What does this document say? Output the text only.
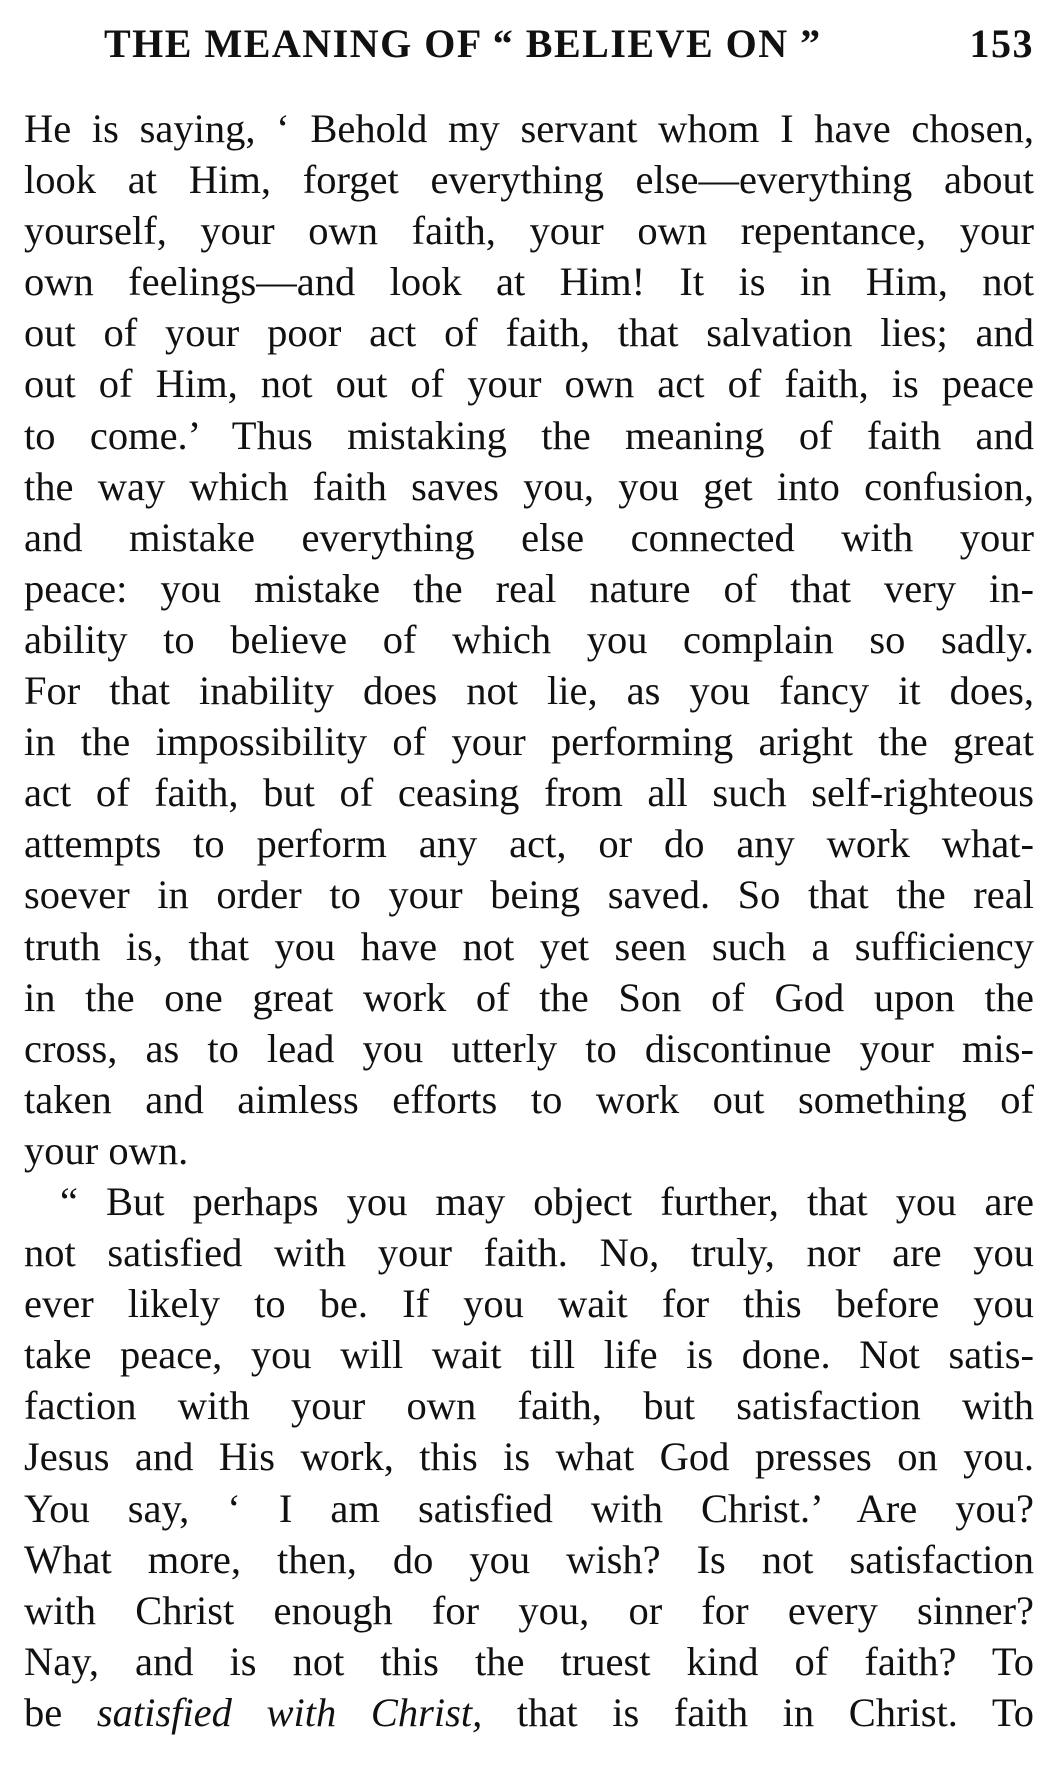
THE MEANING OF “ BELIEVE ON ”	153
He is saying, ‘ Behold my servant whom I have chosen,
look at Him, forget everything else—everything about
yourself, your own faith, your own repentance, your
own feelings—and look at Him! It is in Him, not
out of your poor act of faith, that salvation lies; and
out of Him, not out of your own act of faith, is peace
to come.’ Thus mistaking the meaning of faith and
the way which faith saves you, you get into confusion,
and mistake everything else connected with your
peace: you mistake the real nature of that very in-
ability to believe of which you complain so sadly.
For that inability does not lie, as you fancy it does,
in the impossibility of your performing aright the great
act of faith, but of ceasing from all such self-righteous
attempts to perform any act, or do any work what-
soever in order to your being saved. So that the real
truth is, that you have not yet seen such a sufficiency
in the one great work of the Son of God upon the
cross, as to lead you utterly to discontinue your mis-
taken and aimless efforts to work out something of
your own.
“ But perhaps you may object further, that you are
not satisfied with your faith. No, truly, nor are you
ever likely to be. If you wait for this before you
take peace, you will wait till life is done. Not satis-
faction with your own faith, but satisfaction with
Jesus and His work, this is what God presses on you.
You say, ‘ I am satisfied with Christ.’ Are you?
What more, then, do you wish? Is not satisfaction
with Christ enough for you, or for every sinner?
Nay, and is not this the truest kind of faith? To
be satisfied with Christ, that is faith in Christ. To
